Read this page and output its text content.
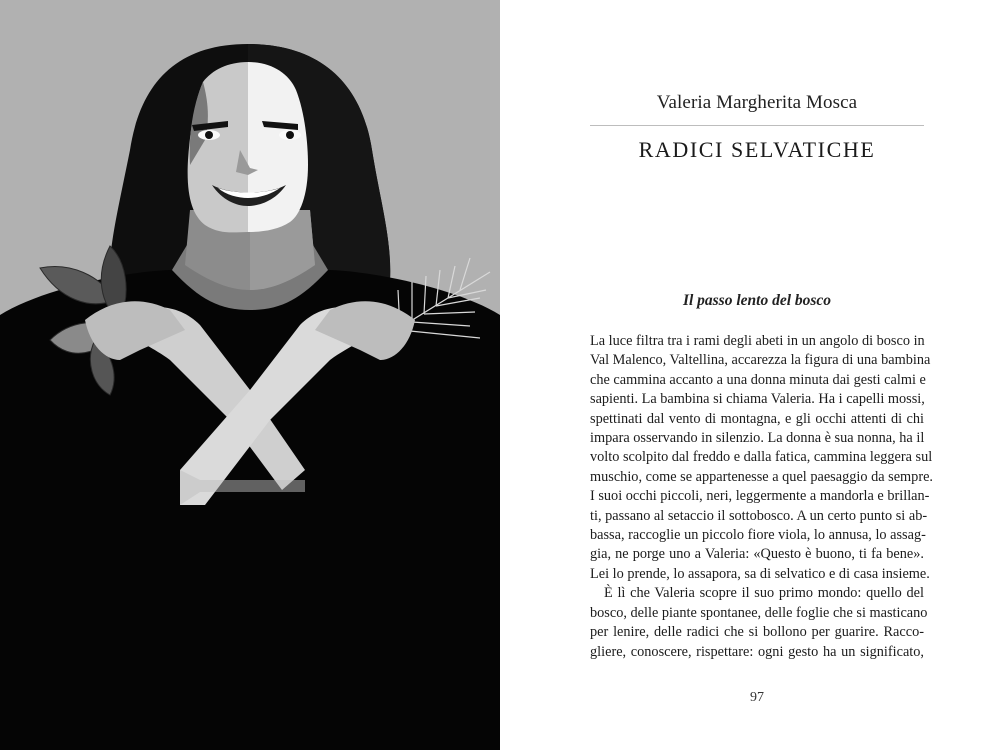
Valeria Margherita Mosca
RADICI SELVATICHE
Il passo lento del bosco
La luce filtra tra i rami degli abeti in un angolo di bosco in
Val Malenco, Valtellina, accarezza la figura di una bambina
che cammina accanto a una donna minuta dai gesti calmi e
sapienti. La bambina si chiama Valeria. Ha i capelli mossi,
spettinati dal vento di montagna, e gli occhi attenti di chi
impara osservando in silenzio. La donna è sua nonna, ha il
volto scolpito dal freddo e dalla fatica, cammina leggera sul
muschio, come se appartenesse a quel paesaggio da sempre.
I suoi occhi piccoli, neri, leggermente a mandorla e brillan-
ti, passano al setaccio il sottobosco. A un certo punto si ab-
bassa, raccoglie un piccolo fiore viola, lo annusa, lo assag-
gia, ne porge uno a Valeria: «Questo è buono, ti fa bene».
Lei lo prende, lo assapora, sa di selvatico e di casa insieme.
È lì che Valeria scopre il suo primo mondo: quello del
bosco, delle piante spontanee, delle foglie che si masticano
per lenire, delle radici che si bollono per guarire. Racco-
gliere, conoscere, rispettare: ogni gesto ha un significato,
97
